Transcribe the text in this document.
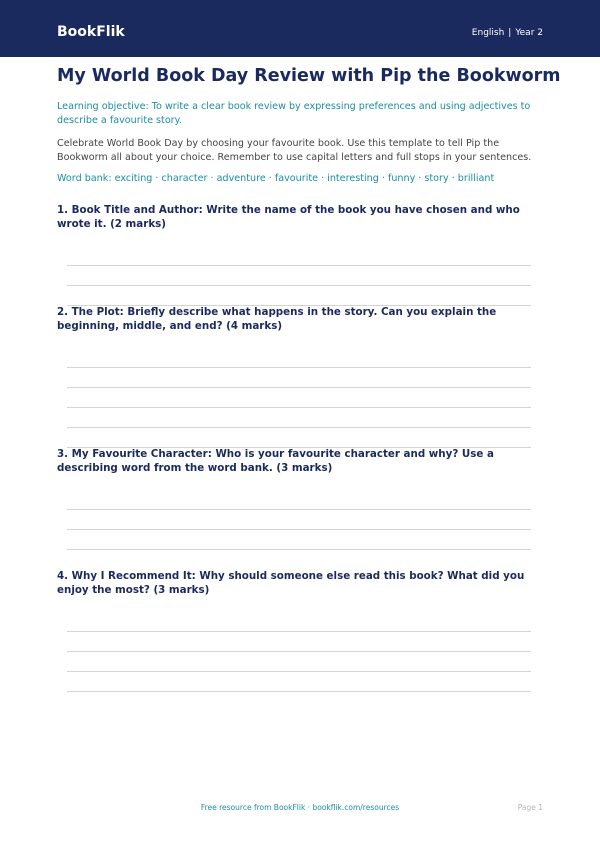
BookFlik	English | Year 2
My World Book Day Review with Pip the Bookworm

Learning objective: To write a clear book review by expressing preferences and using adjectives to describe a favourite story.

Celebrate World Book Day by choosing your favourite book. Use this template to tell Pip the Bookworm all about your choice. Remember to use capital letters and full stops in your sentences.

Word bank: exciting · character · adventure · favourite · interesting · funny · story · brilliant

1. Book Title and Author: Write the name of the book you have chosen and who wrote it. (2 marks)

2. The Plot: Briefly describe what happens in the story. Can you explain the beginning, middle, and end? (4 marks)

3. My Favourite Character: Who is your favourite character and why? Use a describing word from the word bank. (3 marks)

4. Why I Recommend It: Why should someone else read this book? What did you enjoy the most? (3 marks)

Free resource from BookFlik · bookflik.com/resources	Page 1
